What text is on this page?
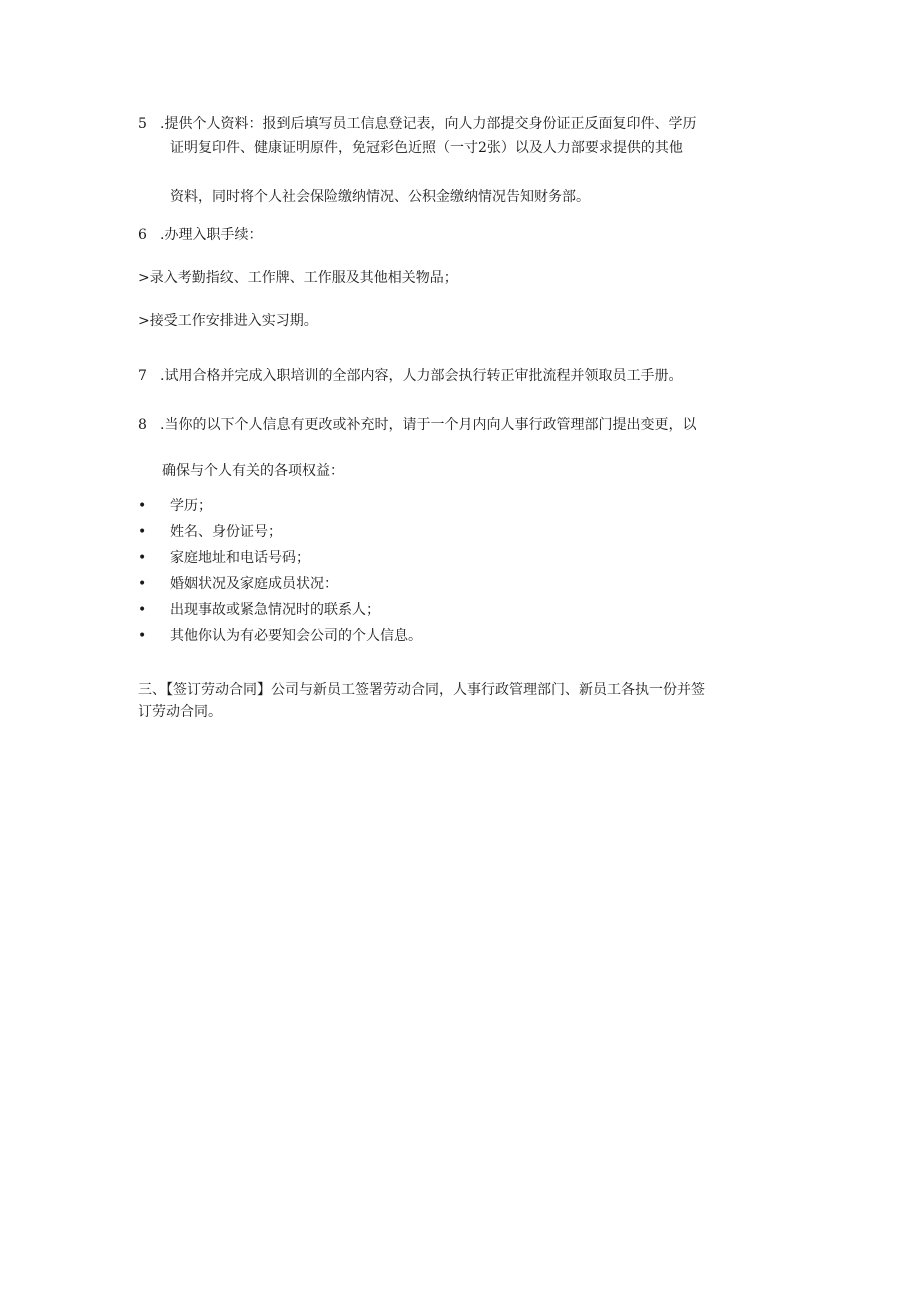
5 .提供个人资料：报到后填写员工信息登记表，向人力部提交身份证正反面复印件、学历
证明复印件、健康证明原件，免冠彩色近照（一寸2张）以及人力部要求提供的其他
资料，同时将个人社会保险缴纳情况、公积金缴纳情况告知财务部。
6 .办理入职手续：
>录入考勤指纹、工作牌、工作服及其他相关物品；
>接受工作安排进入实习期。
7 .试用合格并完成入职培训的全部内容，人力部会执行转正审批流程并领取员工手册。
8 .当你的以下个人信息有更改或补充时，请于一个月内向人事行政管理部门提出变更，以
确保与个人有关的各项权益：
• 学历；
• 姓名、身份证号；
• 家庭地址和电话号码；
• 婚姻状况及家庭成员状况：
• 出现事故或紧急情况时的联系人；
• 其他你认为有必要知会公司的个人信息。
三、【签订劳动合同】公司与新员工签署劳动合同，人事行政管理部门、新员工各执一份并签
订劳动合同。
